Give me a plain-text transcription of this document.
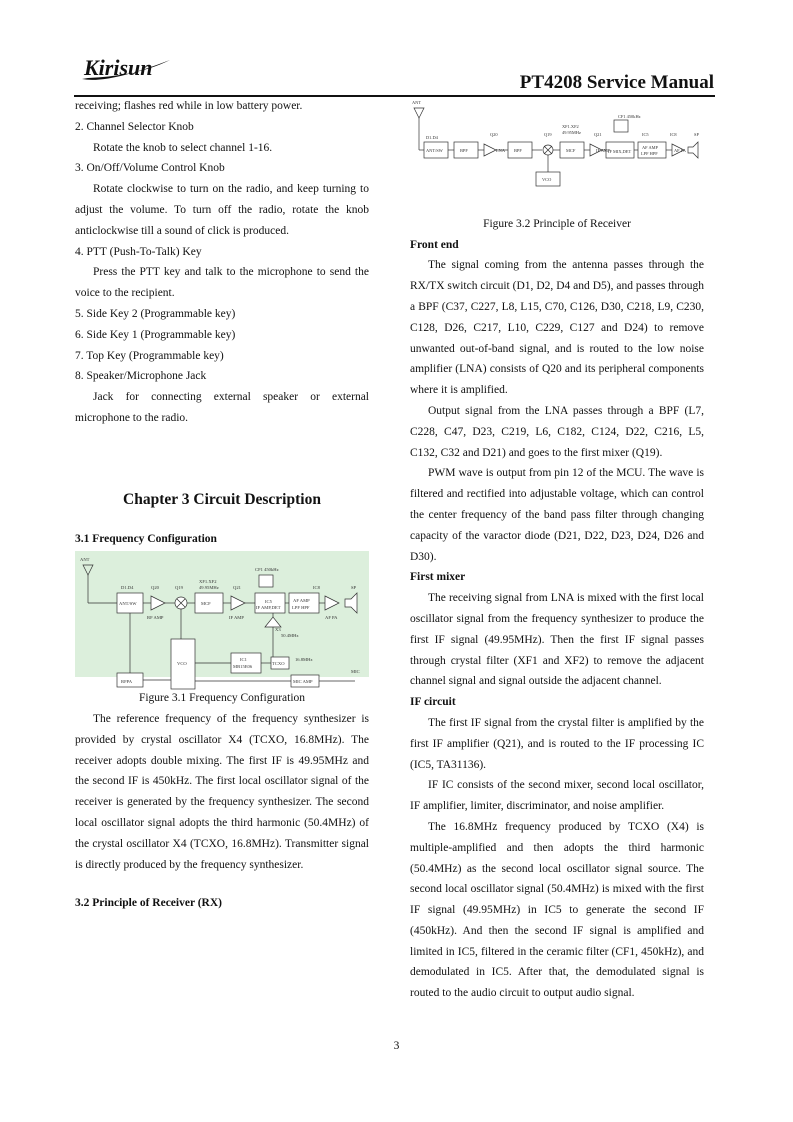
Kirisun
PT4208 Service Manual

receiving; flashes red while in low battery power.

2. Channel Selector Knob

Rotate the knob to select channel 1-16.

3. On/Off/Volume Control Knob

Rotate clockwise to turn on the radio, and keep turning to adjust the volume. To turn off the radio, rotate the knob anticlockwise till a sound of click is produced.

4. PTT (Push-To-Talk) Key

Press the PTT key and talk to the microphone to send the voice to the recipient.

5. Side Key 2 (Programmable key)

6. Side Key 1 (Programmable key)

7. Top Key (Programmable key)

8. Speaker/Microphone Jack

Jack for connecting external speaker or external microphone to the radio.

Chapter 3 Circuit Description

3.1 Frequency Configuration

ANT
D1.D4	Q20	Q19
XF1.XF2
49.95MHz	Q21
CF1 450kHz
IC8	SP
ANT/SW
RF AMP
MCF
IF AMP
IC5
IF AMP,DET
AF AMP
LPF HPF
AF PA
50.4MHz
VCO
IC1
MB15E06
TCXO
16.8MHz
MIC
MIC AMP
RFPA
X3

Figure 3.1 Frequency Configuration

The reference frequency of the frequency synthesizer is provided by crystal oscillator X4 (TCXO, 16.8MHz). The receiver adopts double mixing. The first IF is 49.95MHz and the second IF is 450kHz. The first local oscillator signal of the receiver is generated by the frequency synthesizer. The second local oscillator signal adopts the third harmonic (50.4MHz) of the crystal oscillator X4 (TCXO, 16.8MHz). Transmitter signal is directly produced by the frequency synthesizer.

3.2 Principle of Receiver (RX)

ANT
D1.D4
Q20	Q19
XF1.XF2
49.95MHz	Q21
CF1 450kHz
IC5	IC8	SP
ANT/SW	BPF	LNA BPF	MCF	IF AMP
IF MIX,DET
AF AMP
LPF HPF
AF PA
VCO

Figure 3.2 Principle of Receiver

Front end

The signal coming from the antenna passes through the RX/TX switch circuit (D1, D2, D4 and D5), and passes through a BPF (C37, C227, L8, L15, C70, C126, D30, C218, L9, C230, C128, D26, C217, L10, C229, C127 and D24) to remove unwanted out-of-band signal, and is routed to the low noise amplifier (LNA) consists of Q20 and its peripheral components where it is amplified.

Output signal from the LNA passes through a BPF (L7, C228, C47, D23, C219, L6, C182, C124, D22, C216, L5, C132, C32 and D21) and goes to the first mixer (Q19).

PWM wave is output from pin 12 of the MCU. The wave is filtered and rectified into adjustable voltage, which can control the center frequency of the band pass filter through changing capacity of the varactor diode (D21, D22, D23, D24, D26 and D30).

First mixer

The receiving signal from LNA is mixed with the first local oscillator signal from the frequency synthesizer to produce the first IF signal (49.95MHz). Then the first IF signal passes through crystal filter (XF1 and XF2) to remove the adjacent channel signal and signal outside the adjacent channel.

IF circuit

The first IF signal from the crystal filter is amplified by the first IF amplifier (Q21), and is routed to the IF processing IC (IC5, TA31136).

IF IC consists of the second mixer, second local oscillator, IF amplifier, limiter, discriminator, and noise amplifier.

The 16.8MHz frequency produced by TCXO (X4) is multiple-amplified and then adopts the third harmonic (50.4MHz) as the second local oscillator signal source. The second local oscillator signal (50.4MHz) is mixed with the first IF signal (49.95MHz) in IC5 to generate the second IF (450kHz). And then the second IF signal is amplified and limited in IC5, filtered in the ceramic filter (CF1, 450kHz), and demodulated in IC5. After that, the demodulated signal is routed to the audio circuit to output audio signal.

3
